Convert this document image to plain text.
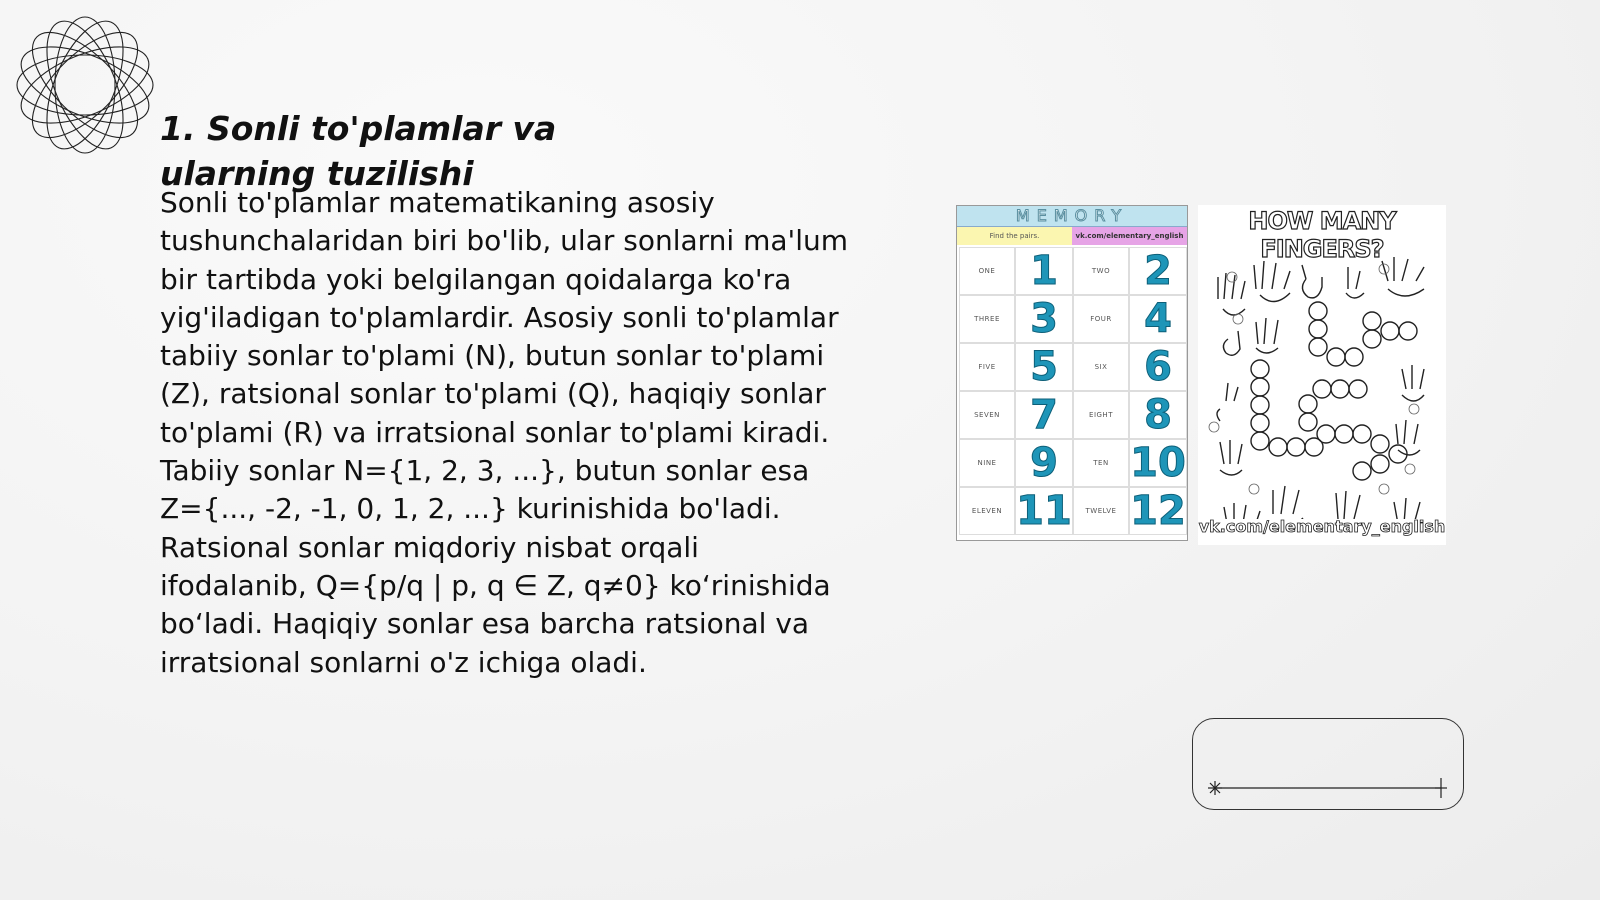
1. Sonli to'plamlar va ularning tuzilishi

Sonli to'plamlar matematikaning asosiy tushunchalaridan biri bo'lib, ular sonlarni ma'lum bir tartibda yoki belgilangan qoidalarga ko'ra yig'iladigan to'plamlardir. Asosiy sonli to'plamlar tabiiy sonlar to'plami (N), butun sonlar to'plami (Z), ratsional sonlar to'plami (Q), haqiqiy sonlar to'plami (R) va irratsional sonlar to'plami kiradi. Tabiiy sonlar N={1, 2, 3, ...}, butun sonlar esa Z={..., -2, -1, 0, 1, 2, ...} kurinishida bo'ladi. Ratsional sonlar miqdoriy nisbat orqali ifodalanib, Q={p/q | p, q ∈ Z, q≠0} ko‘rinishida bo‘ladi. Haqiqiy sonlar esa barcha ratsional va irratsional sonlarni o'z ichiga oladi.

MEMORY
Find the pairs.	vk.com/elementary_english
ONE 1	TWO 2
THREE 3	FOUR 4
FIVE 5	SIX 6
SEVEN 7	EIGHT 8
NINE 9	TEN 10
ELEVEN 11 TWELVE 12
HOW MANY FINGERS?
vk.com/elementary_english
